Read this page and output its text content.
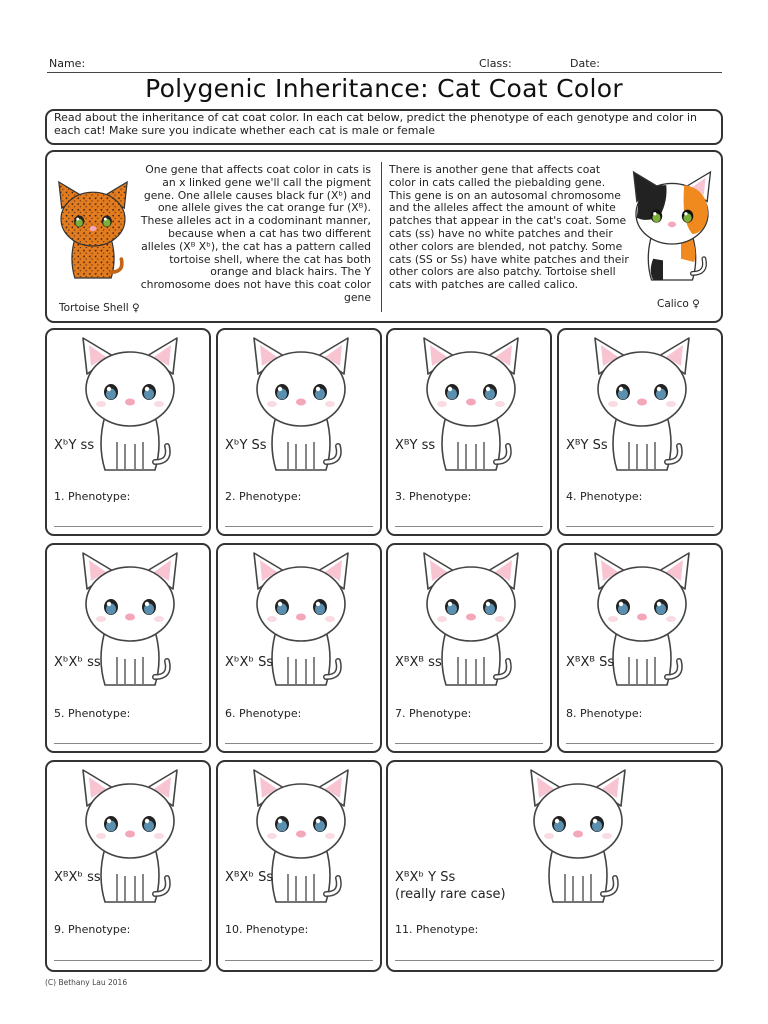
Name:	Class:	Date:
Polygenic Inheritance: Cat Coat Color
Read about the inheritance of cat coat color. In each cat below, predict the phenotype of each genotype and color in each cat! Make sure you indicate whether each cat is male or female
One gene that affects coat color in cats is an x linked gene we'll call the pigment gene. One allele causes black fur (Xᵇ) and one allele gives the cat orange fur (Xᴮ). These alleles act in a codominant manner, because when a cat has two different alleles (Xᴮ Xᵇ), the cat has a pattern called tortoise shell, where the cat has both orange and black hairs. The Y chromosome does not have this coat color gene
Tortoise Shell ♀
There is another gene that affects coat color in cats called the piebalding gene. This gene is on an autosomal chromosome and the alleles affect the amount of white patches that appear in the cat's coat. Some cats (ss) have no white patches and their other colors are blended, not patchy. Some cats (SS or Ss) have white patches and their other colors are also patchy. Tortoise shell cats with patches are called calico.
Calico ♀
XᵇY ss
1. Phenotype:
XᵇY Ss
2. Phenotype:
XᴮY ss
3. Phenotype:
XᴮY Ss
4. Phenotype:
XᵇXᵇ ss
5. Phenotype:
XᵇXᵇ Ss
6. Phenotype:
XᴮXᴮ ss
7. Phenotype:
XᴮXᴮ Ss
8. Phenotype:
XᴮXᵇ ss
9. Phenotype:
XᴮXᵇ Ss
10. Phenotype:
XᴮXᵇ Y Ss
(really rare case)
11. Phenotype:
(C) Bethany Lau 2016
